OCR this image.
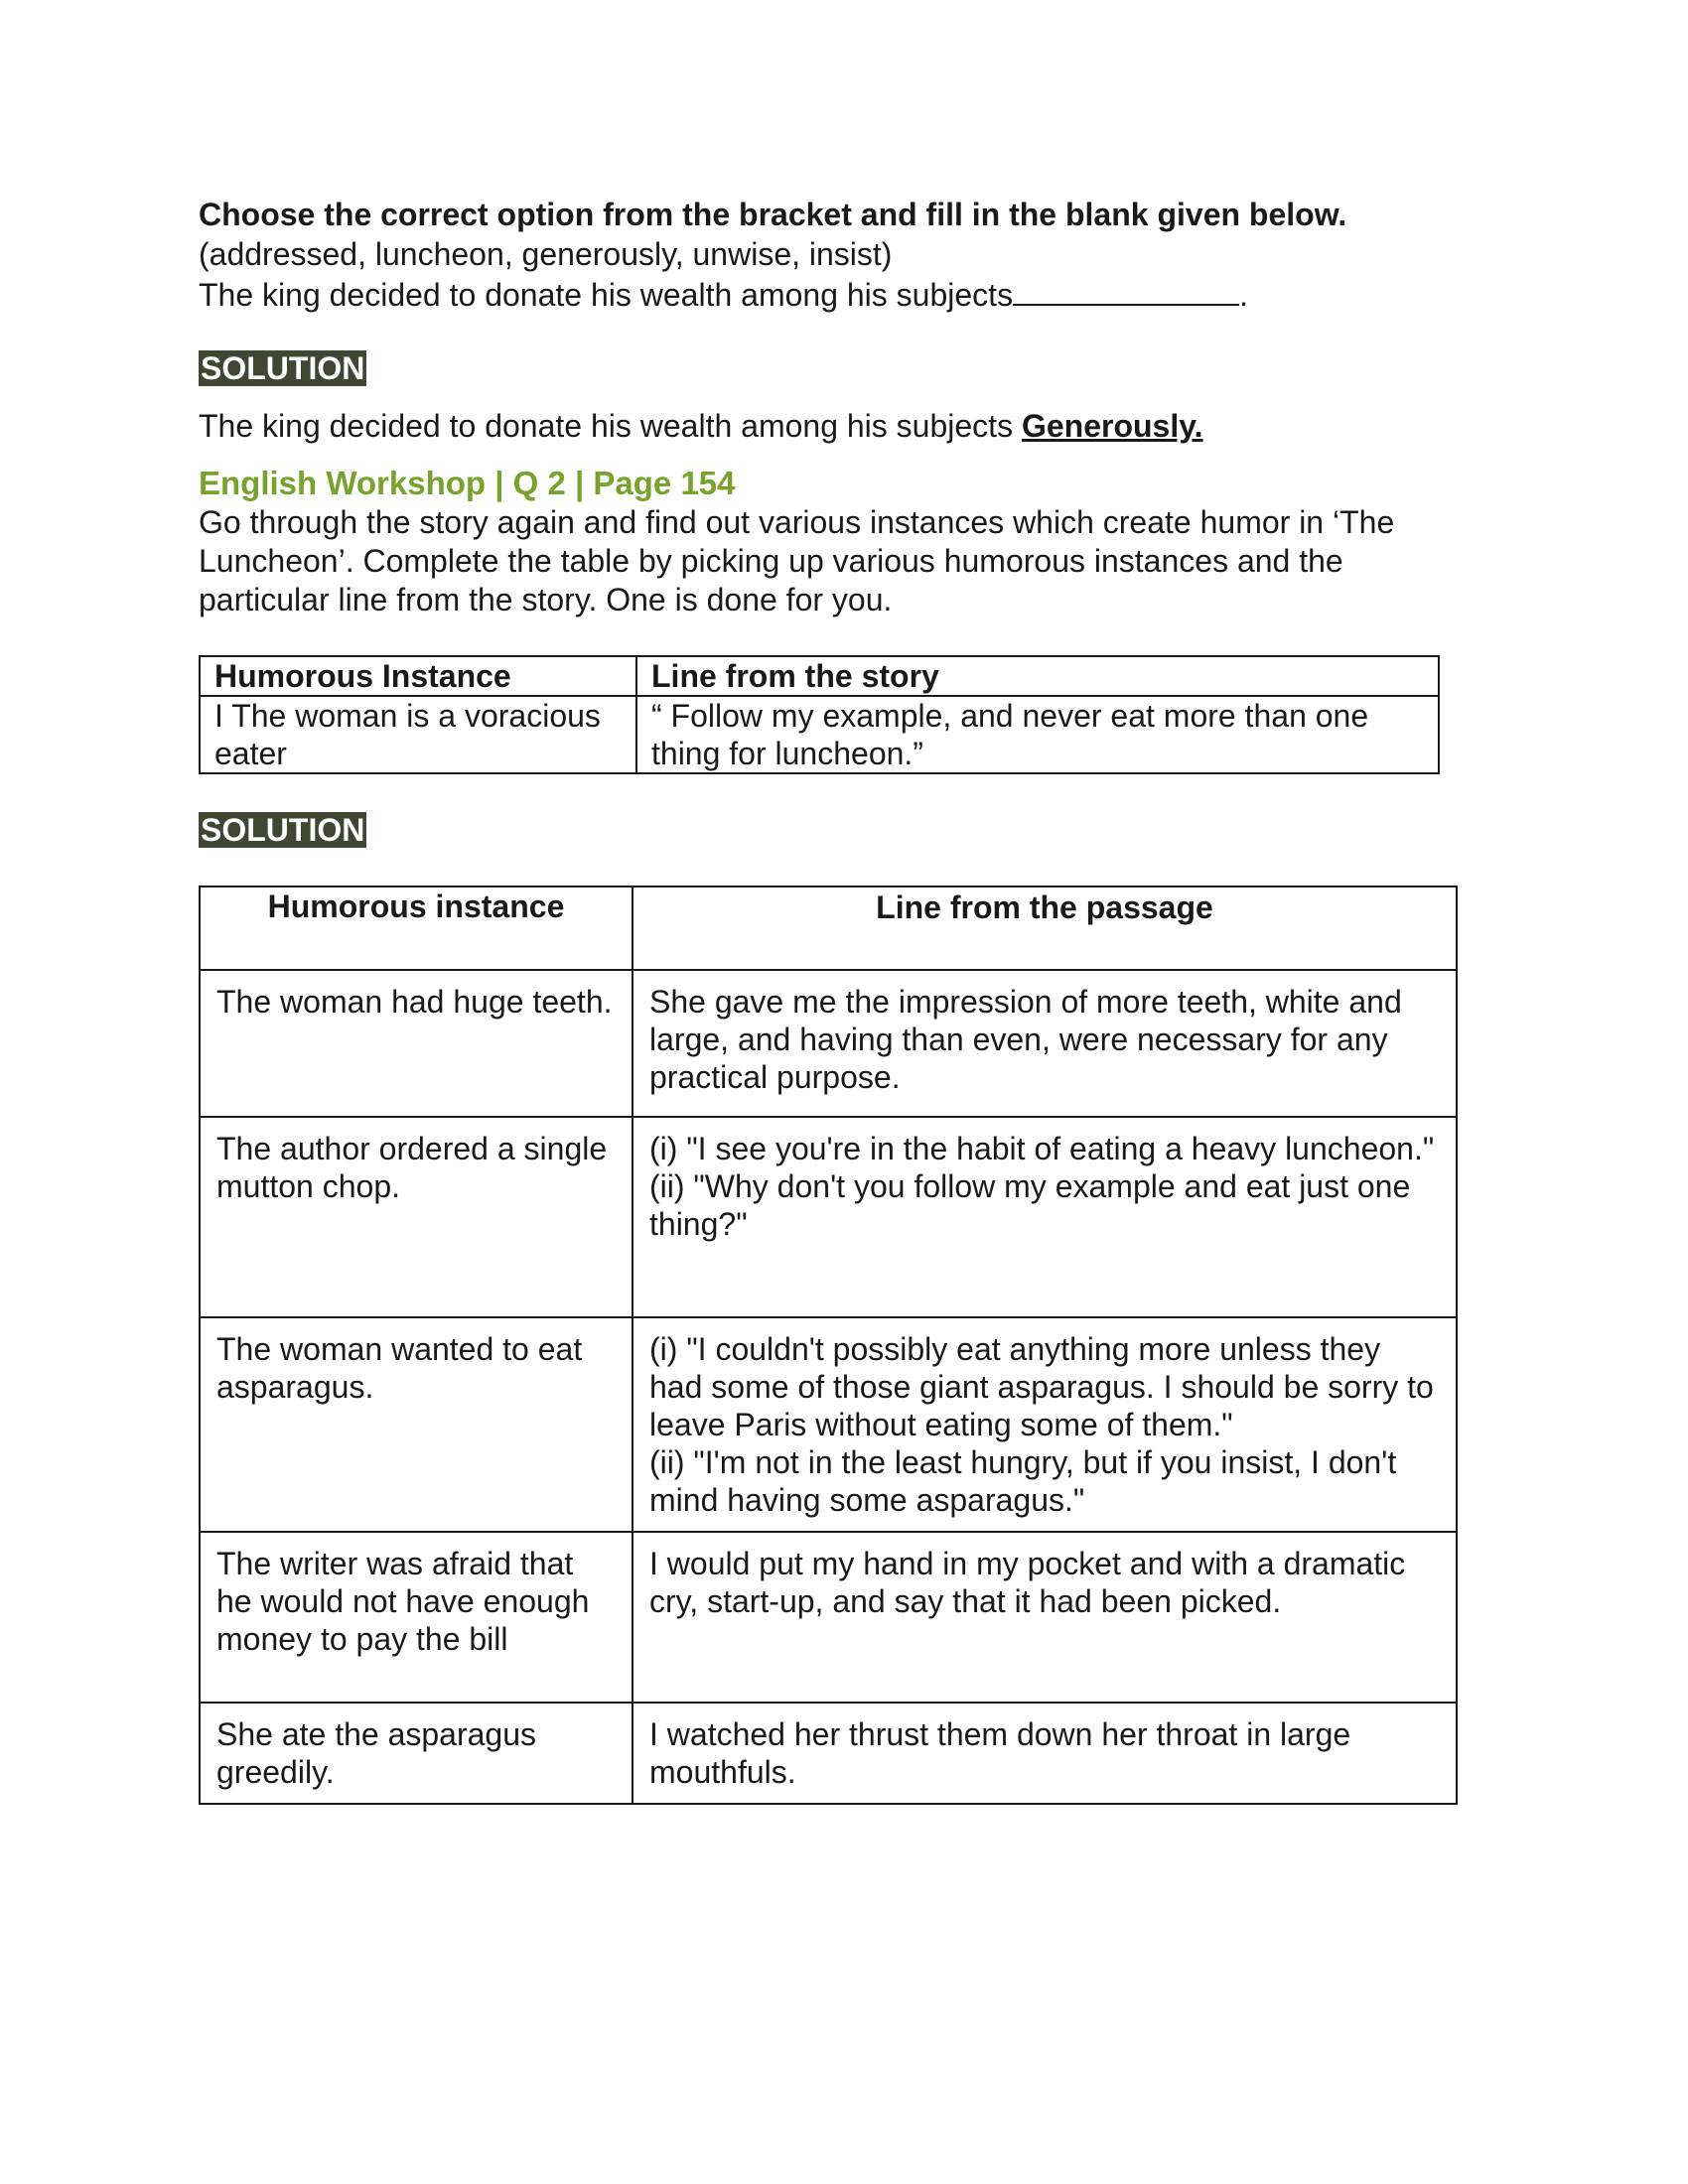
Choose the correct option from the bracket and fill in the blank given below.

(addressed, luncheon, generously, unwise, insist)

The king decided to donate his wealth among his subjects	.

SOLUTION

The king decided to donate his wealth among his subjects Generously.

English Workshop | Q 2 | Page 154

Go through the story again and find out various instances which create humor in ‘The Luncheon’. Complete the table by picking up various humorous instances and the particular line from the story. One is done for you.

Humorous Instance	Line from the story
I The woman is a voracious eater	“ Follow my example, and never eat more than one thing for luncheon.”
SOLUTION
Humorous instance	Line from the passage
The woman had huge teeth.	She gave me the impression of more teeth, white and large, and having than even, were necessary for any practical purpose.

The author ordered a single mutton chop.	(i) "I see you're in the habit of eating a heavy luncheon."
(ii) "Why don't you follow my example and eat just one thing?"

The woman wanted to eat asparagus.	(i) "I couldn't possibly eat anything more unless they had some of those giant asparagus. I should be sorry to leave Paris without eating some of them."
(ii) "I'm not in the least hungry, but if you insist, I don't mind having some asparagus."

The writer was afraid that he would not have enough money to pay the bill	I would put my hand in my pocket and with a dramatic cry, start-up, and say that it had been picked.

She ate the asparagus greedily.	I watched her thrust them down her throat in large mouthfuls.
